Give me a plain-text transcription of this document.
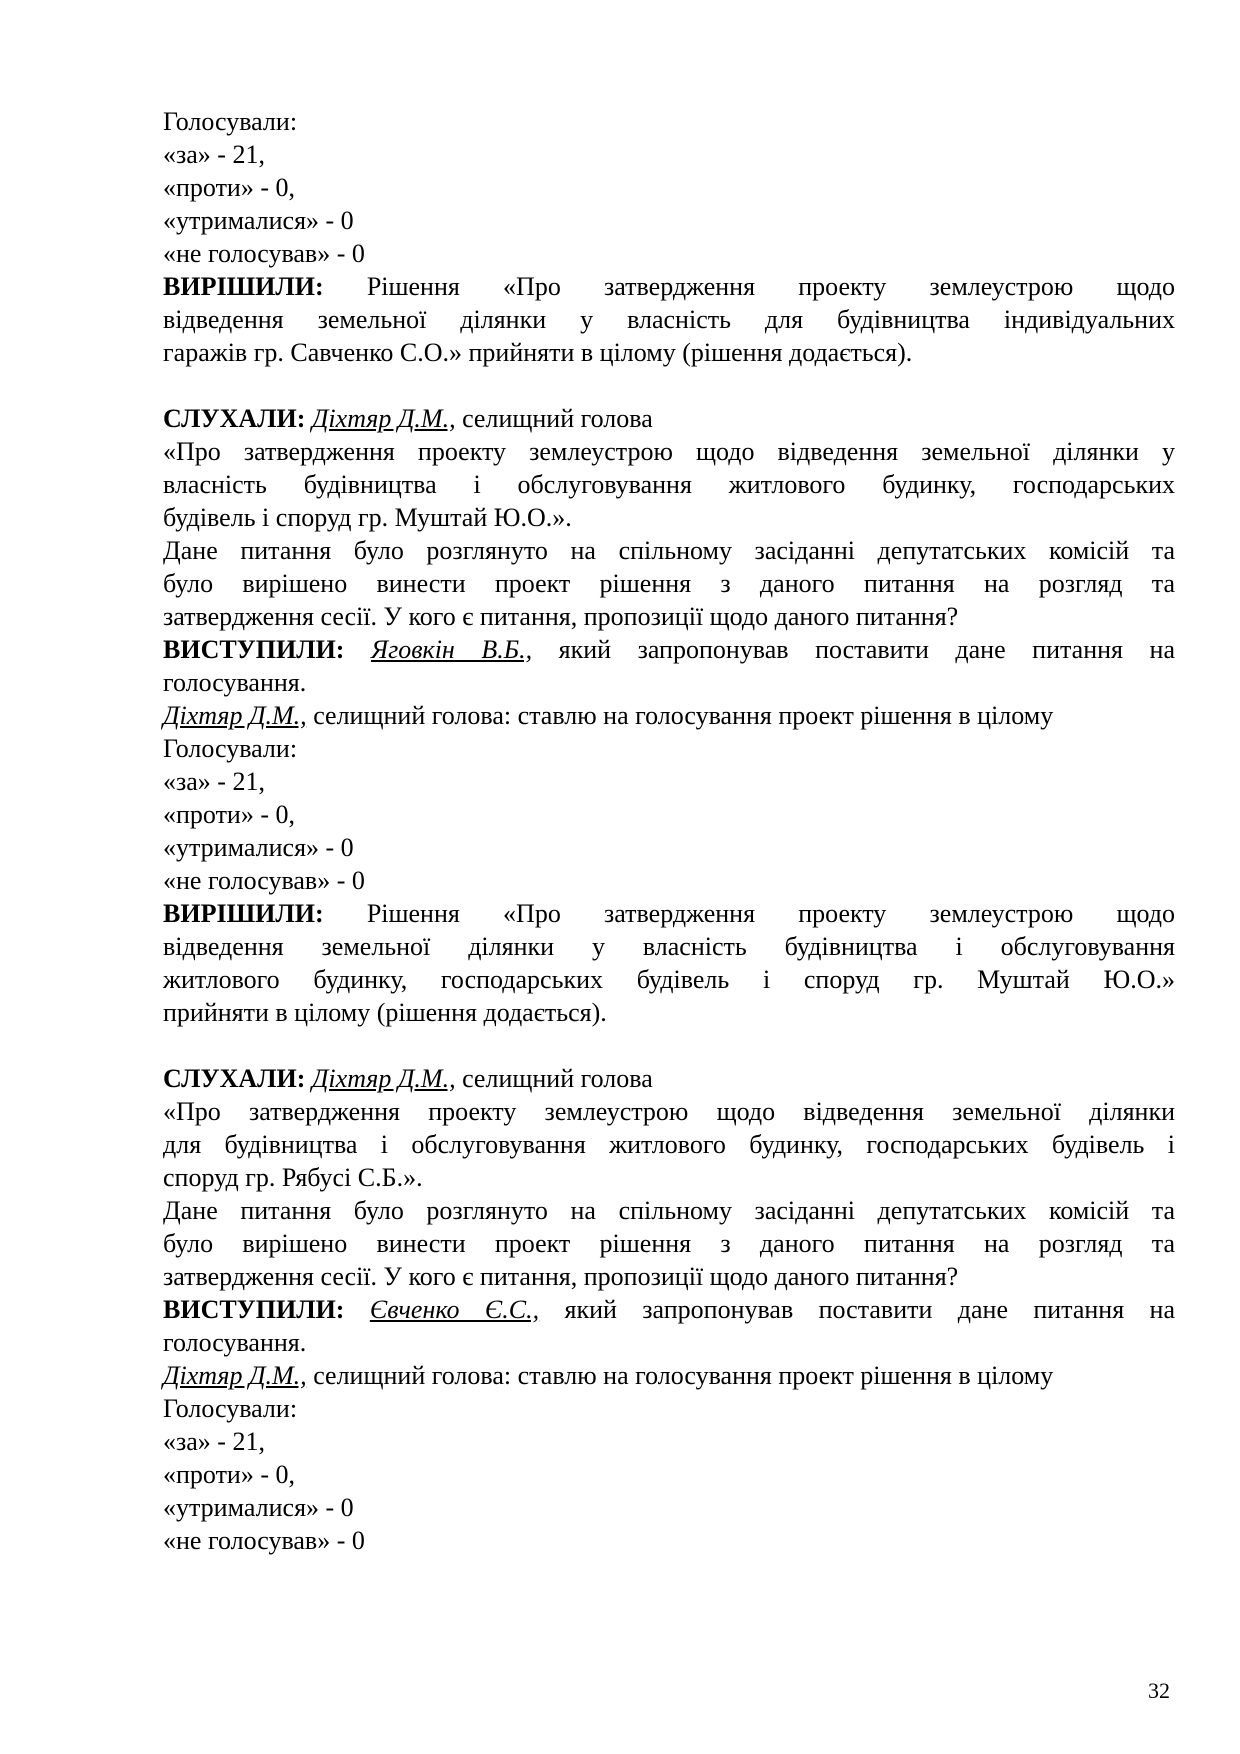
Голосували:
«за» - 21,
«проти» - 0,
«утрималися» - 0
«не голосував» - 0
ВИРІШИЛИ: Рішення «Про затвердження проекту землеустрою щодо
відведення земельної ділянки у власність для будівництва індивідуальних
гаражів гр. Савченко С.О.» прийняти в цілому (рішення додається).
СЛУХАЛИ: Діхтяр Д.М., селищний голова
«Про затвердження проекту землеустрою щодо відведення земельної ділянки у
власність будівництва і обслуговування житлового будинку, господарських
будівель і споруд гр. Муштай Ю.О.».
Дане питання було розглянуто на спільному засіданні депутатських комісій та
було вирішено винести проект рішення з даного питання на розгляд та
затвердження сесії. У кого є питання, пропозиції щодо даного питання?
ВИСТУПИЛИ: Яговкін В.Б., який запропонував поставити дане питання на
голосування.
Діхтяр Д.М., селищний голова: ставлю на голосування проект рішення в цілому
Голосували:
«за» - 21,
«проти» - 0,
«утрималися» - 0
«не голосував» - 0
ВИРІШИЛИ: Рішення «Про затвердження проекту землеустрою щодо
відведення земельної ділянки у власність будівництва і обслуговування
житлового будинку, господарських будівель і споруд гр. Муштай Ю.О.»
прийняти в цілому (рішення додається).
СЛУХАЛИ: Діхтяр Д.М., селищний голова
«Про затвердження проекту землеустрою щодо відведення земельної ділянки
для будівництва і обслуговування житлового будинку, господарських будівель і
споруд гр. Рябусі С.Б.».
Дане питання було розглянуто на спільному засіданні депутатських комісій та
було вирішено винести проект рішення з даного питання на розгляд та
затвердження сесії. У кого є питання, пропозиції щодо даного питання?
ВИСТУПИЛИ: Євченко Є.С., який запропонував поставити дане питання на
голосування.
Діхтяр Д.М., селищний голова: ставлю на голосування проект рішення в цілому
Голосували:
«за» - 21,
«проти» - 0,
«утрималися» - 0
«не голосував» - 0
32
